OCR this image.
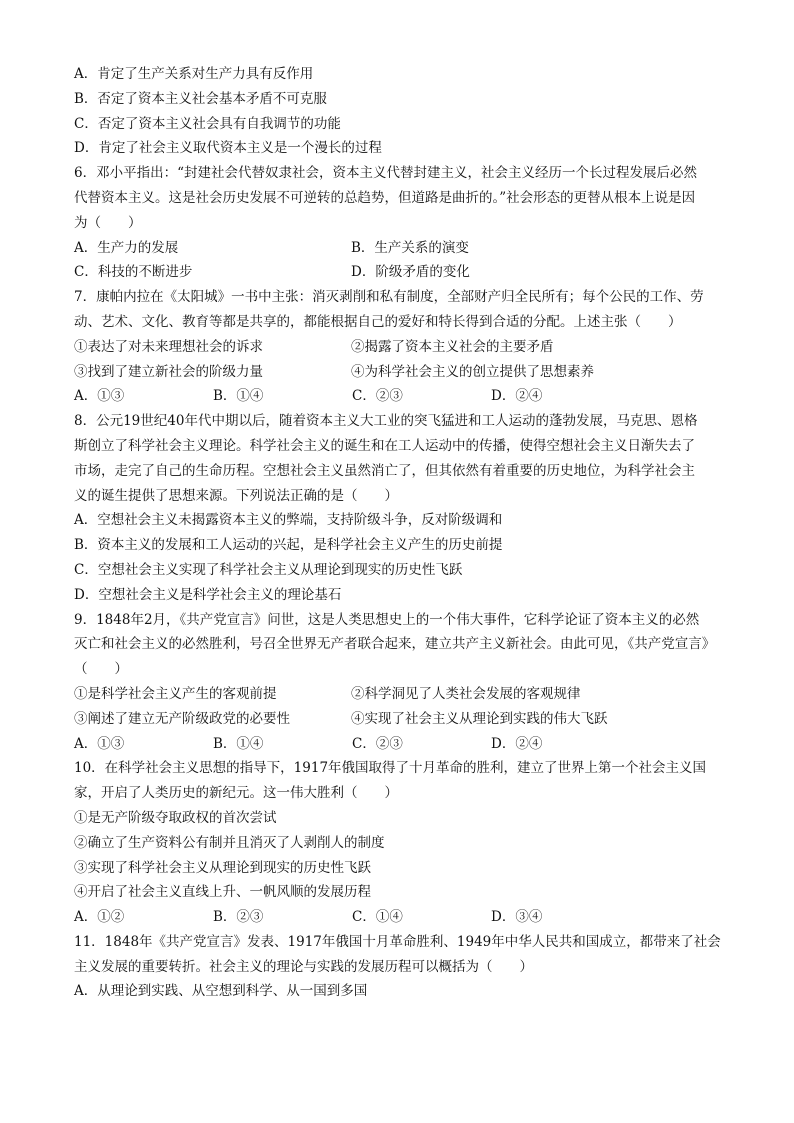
A．肯定了生产关系对生产力具有反作用
B．否定了资本主义社会基本矛盾不可克服
C．否定了资本主义社会具有自我调节的功能
D．肯定了社会主义取代资本主义是一个漫长的过程
6．邓小平指出：“封建社会代替奴隶社会，资本主义代替封建主义，社会主义经历一个长过程发展后必然
代替资本主义。这是社会历史发展不可逆转的总趋势，但道路是曲折的。”社会形态的更替从根本上说是因
为（　　）
A．生产力的发展	B．生产关系的演变
C．科技的不断进步	D．阶级矛盾的变化
7．康帕内拉在《太阳城》一书中主张：消灭剥削和私有制度，全部财产归全民所有；每个公民的工作、劳
动、艺术、文化、教育等都是共享的，都能根据自己的爱好和特长得到合适的分配。上述主张（　　）
①表达了对未来理想社会的诉求	②揭露了资本主义社会的主要矛盾
③找到了建立新社会的阶级力量	④为科学社会主义的创立提供了思想素养
A．①③	B．①④	C．②③	D．②④
8．公元19世纪40年代中期以后，随着资本主义大工业的突飞猛进和工人运动的蓬勃发展，马克思、恩格
斯创立了科学社会主义理论。科学社会主义的诞生和在工人运动中的传播，使得空想社会主义日渐失去了
市场，走完了自己的生命历程。空想社会主义虽然消亡了，但其依然有着重要的历史地位，为科学社会主
义的诞生提供了思想来源。下列说法正确的是（　　）
A．空想社会主义未揭露资本主义的弊端，支持阶级斗争，反对阶级调和
B．资本主义的发展和工人运动的兴起，是科学社会主义产生的历史前提
C．空想社会主义实现了科学社会主义从理论到现实的历史性飞跃
D．空想社会主义是科学社会主义的理论基石
9．1848年2月，《共产党宣言》问世，这是人类思想史上的一个伟大事件，它科学论证了资本主义的必然
灭亡和社会主义的必然胜利，号召全世界无产者联合起来，建立共产主义新社会。由此可见，《共产党宣言》
（　　）
①是科学社会主义产生的客观前提	②科学洞见了人类社会发展的客观规律
③阐述了建立无产阶级政党的必要性	④实现了社会主义从理论到实践的伟大飞跃
A．①③	B．①④	C．②③	D．②④
10．在科学社会主义思想的指导下，1917年俄国取得了十月革命的胜利，建立了世界上第一个社会主义国
家，开启了人类历史的新纪元。这一伟大胜利（　　）
①是无产阶级夺取政权的首次尝试
②确立了生产资料公有制并且消灭了人剥削人的制度
③实现了科学社会主义从理论到现实的历史性飞跃
④开启了社会主义直线上升、一帆风顺的发展历程
A．①②	B．②③	C．①④	D．③④
11．1848年《共产党宣言》发表、1917年俄国十月革命胜利、1949年中华人民共和国成立，都带来了社会
主义发展的重要转折。社会主义的理论与实践的发展历程可以概括为（　　）
A．从理论到实践、从空想到科学、从一国到多国
